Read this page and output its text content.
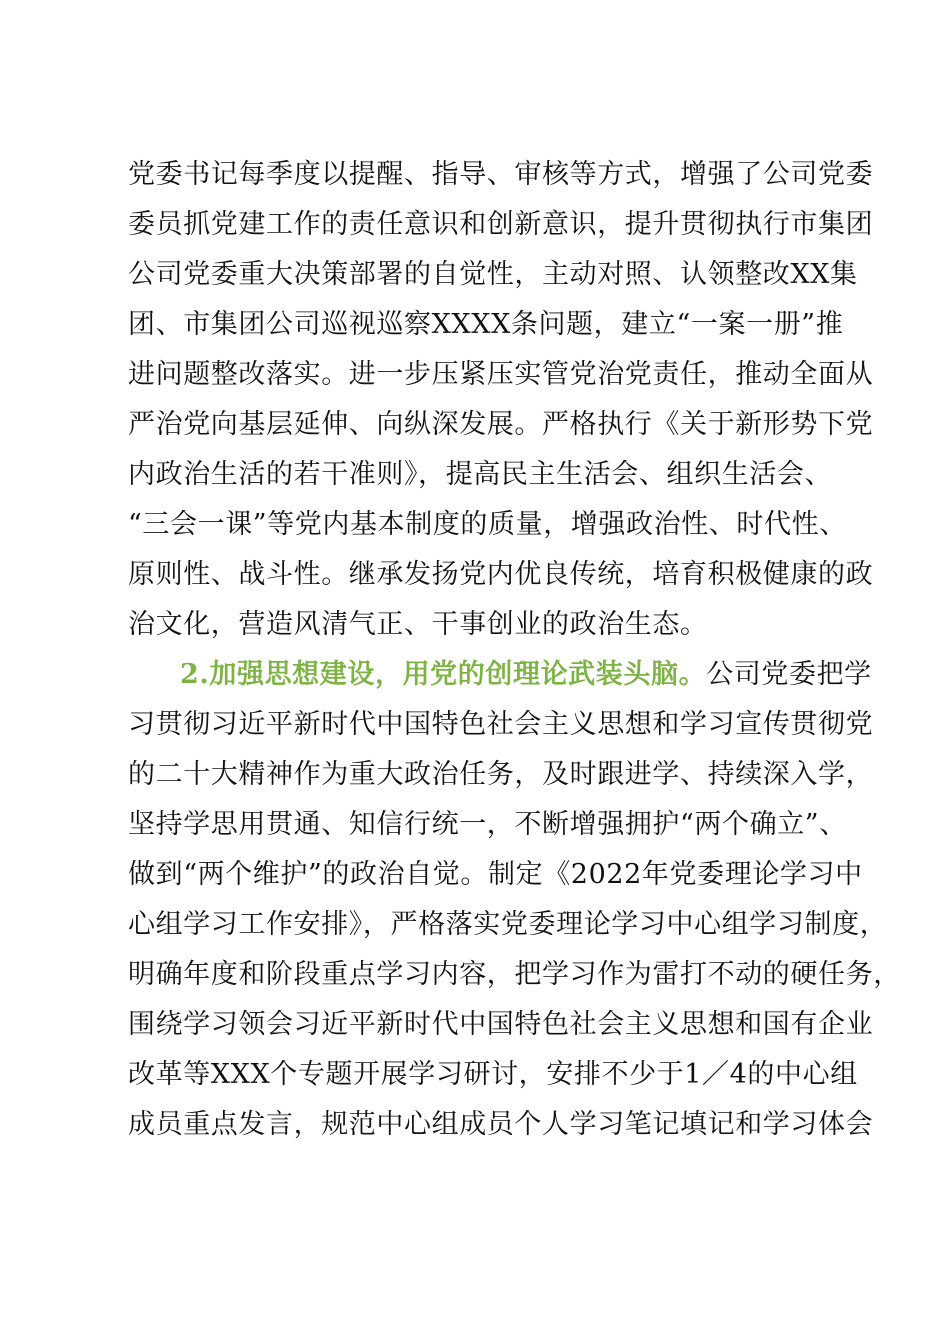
党委书记每季度以提醒、指导、审核等方式，增强了公司党委
委员抓党建工作的责任意识和创新意识，提升贯彻执行市集团
公司党委重大决策部署的自觉性，主动对照、认领整改XX集
团、市集团公司巡视巡察XXXX条问题，建立“一案一册”推
进问题整改落实。进一步压紧压实管党治党责任，推动全面从
严治党向基层延伸、向纵深发展。严格执行《关于新形势下党
内政治生活的若干准则》，提高民主生活会、组织生活会、
“三会一课”等党内基本制度的质量，增强政治性、时代性、
原则性、战斗性。继承发扬党内优良传统，培育积极健康的政
治文化，营造风清气正、干事创业的政治生态。
2.加强思想建设，用党的创理论武装头脑。 公司党委把学
习贯彻习近平新时代中国特色社会主义思想和学习宣传贯彻党
的二十大精神作为重大政治任务，及时跟进学、持续深入学，
坚持学思用贯通、知信行统一，不断增强拥护“两个确立”、
做到“两个维护”的政治自觉。制定《2022年党委理论学习中
心组学习工作安排》，严格落实党委理论学习中心组学习制度，
明确年度和阶段重点学习内容，把学习作为雷打不动的硬任务，
围绕学习领会习近平新时代中国特色社会主义思想和国有企业
改革等XXX个专题开展学习研讨，安排不少于1／4的中心组
成员重点发言，规范中心组成员个人学习笔记填记和学习体会
